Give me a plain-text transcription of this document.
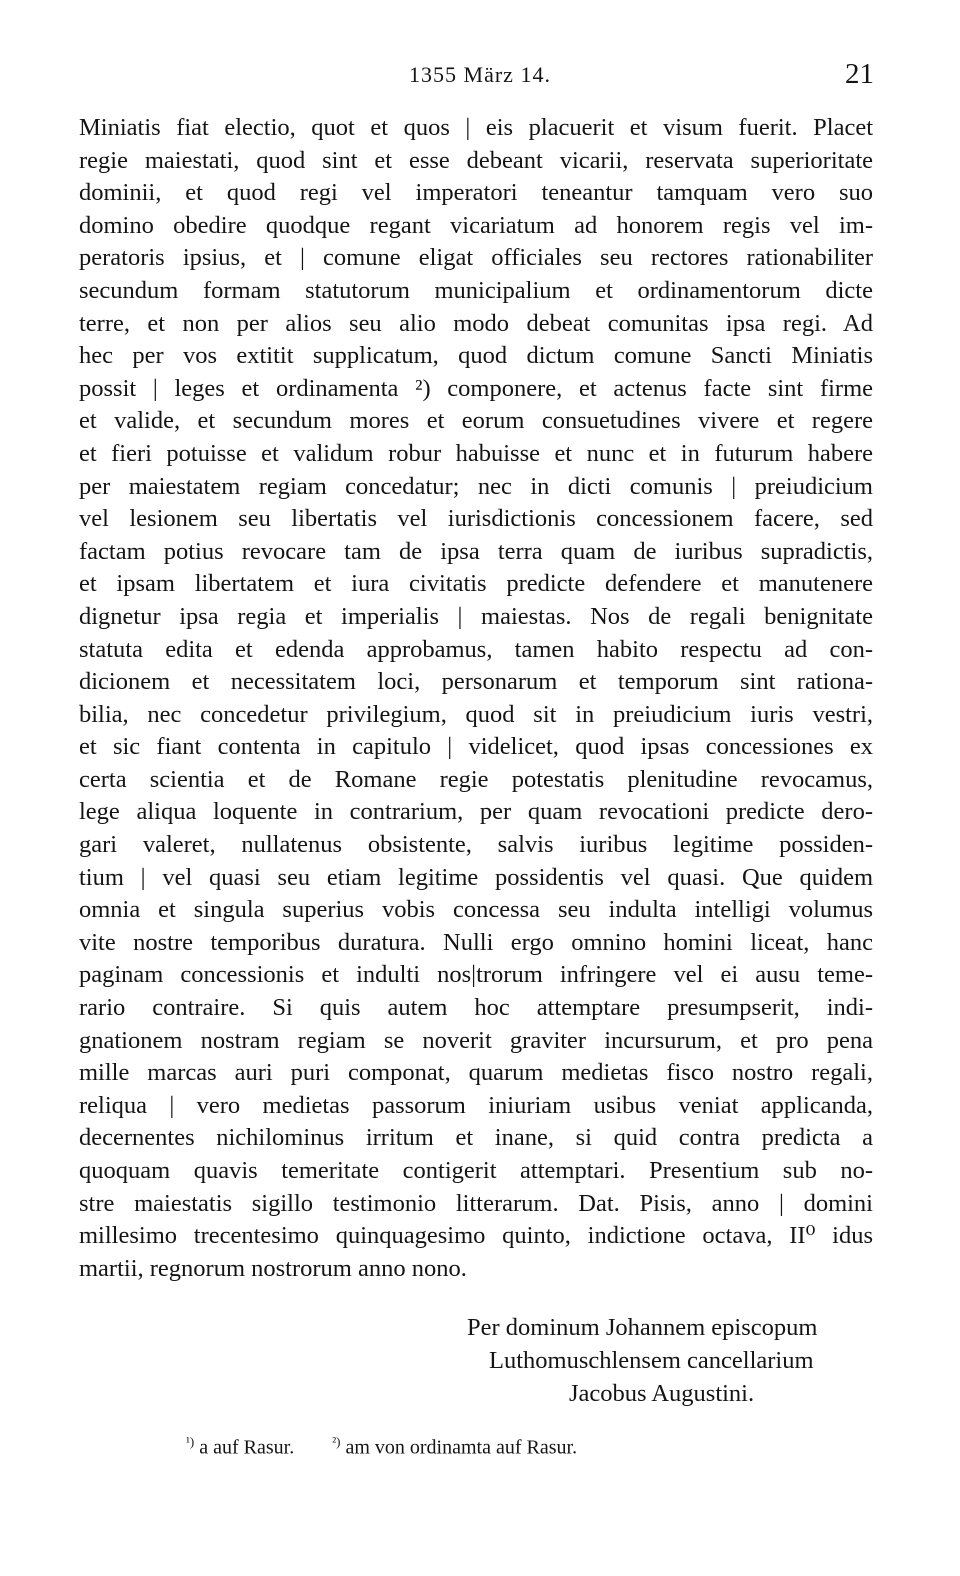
1355 März 14.	21
Miniatis fiat electio, quot et quos | eis placuerit et visum fuerit. Placet
regie maiestati, quod sint et esse debeant vicarii, reservata superioritate
dominii, et quod regi vel imperatori teneantur tamquam vero suo
domino obedire quodque regant vicariatum ad honorem regis vel im-
peratoris ipsius, et | comune eligat officiales seu rectores rationabiliter
secundum formam statutorum municipalium et ordinamentorum dicte
terre, et non per alios seu alio modo debeat comunitas ipsa regi. Ad
hec per vos extitit supplicatum, quod dictum comune Sancti Miniatis
possit | leges et ordinamenta ²) componere, et actenus facte sint firme
et valide, et secundum mores et eorum consuetudines vivere et regere
et fieri potuisse et validum robur habuisse et nunc et in futurum habere
per maiestatem regiam concedatur; nec in dicti comunis | preiudicium
vel lesionem seu libertatis vel iurisdictionis concessionem facere, sed
factam potius revocare tam de ipsa terra quam de iuribus supradictis,
et ipsam libertatem et iura civitatis predicte defendere et manutenere
dignetur ipsa regia et imperialis | maiestas. Nos de regali benignitate
statuta edita et edenda approbamus, tamen habito respectu ad con-
dicionem et necessitatem loci, personarum et temporum sint rationa-
bilia, nec concedetur privilegium, quod sit in preiudicium iuris vestri,
et sic fiant contenta in capitulo | videlicet, quod ipsas concessiones ex
certa scientia et de Romane regie potestatis plenitudine revocamus,
lege aliqua loquente in contrarium, per quam revocationi predicte dero-
gari valeret, nullatenus obsistente, salvis iuribus legitime possiden-
tium | vel quasi seu etiam legitime possidentis vel quasi. Que quidem
omnia et singula superius vobis concessa seu indulta intelligi volumus
vite nostre temporibus duratura. Nulli ergo omnino homini liceat, hanc
paginam concessionis et indulti nos|trorum infringere vel ei ausu teme-
rario contraire. Si quis autem hoc attemptare presumpserit, indi-
gnationem nostram regiam se noverit graviter incursurum, et pro pena
mille marcas auri puri componat, quarum medietas fisco nostro regali,
reliqua | vero medietas passorum iniuriam usibus veniat applicanda,
decernentes nichilominus irritum et inane, si quid contra predicta a
quoquam quavis temeritate contigerit attemptari. Presentium sub no-
stre maiestatis sigillo testimonio litterarum. Dat. Pisis, anno | domini
millesimo trecentesimo quinquagesimo quinto, indictione octava, II⁰ idus
martii, regnorum nostrorum anno nono.
Per dominum Johannem episcopum
Luthomuschlensem cancellarium
Jacobus Augustini.
$^{^1)}$ a auf Rasur.	$^{^2)}$ am von ordinamta auf Rasur.
